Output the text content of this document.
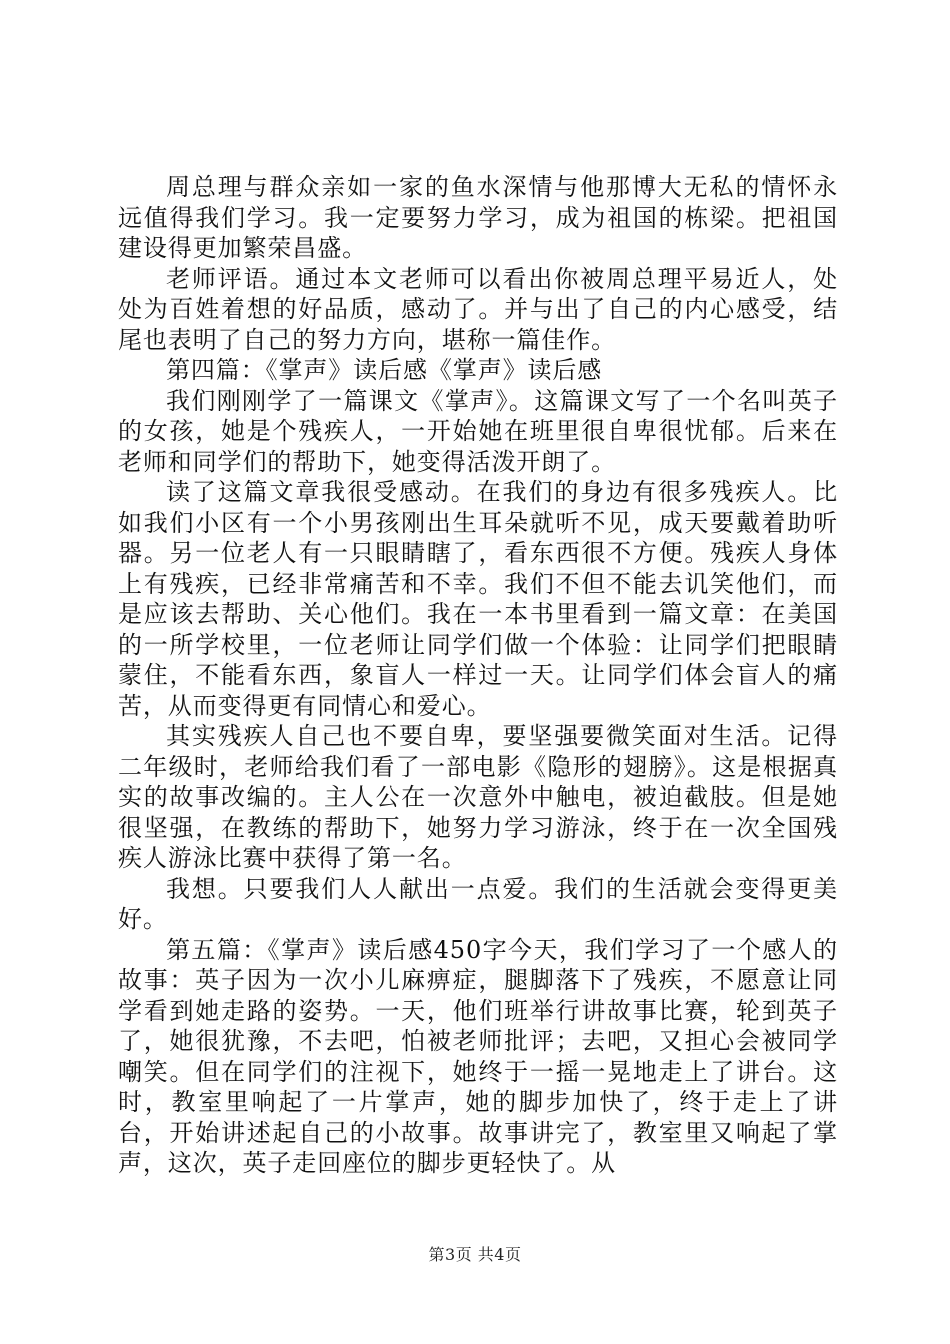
周总理与群众亲如一家的鱼水深情与他那博大无私的情怀永远值得我们学习。我一定要努力学习，成为祖国的栋梁。把祖国建设得更加繁荣昌盛。

老师评语。通过本文老师可以看出你被周总理平易近人，处处为百姓着想的好品质，感动了。并与出了自己的内心感受，结尾也表明了自己的努力方向，堪称一篇佳作。

第四篇：《掌声》读后感《掌声》读后感

我们刚刚学了一篇课文《掌声》。这篇课文写了一个名叫英子的女孩，她是个残疾人，一开始她在班里很自卑很忧郁。后来在老师和同学们的帮助下，她变得活泼开朗了。

读了这篇文章我很受感动。在我们的身边有很多残疾人。比如我们小区有一个小男孩刚出生耳朵就听不见，成天要戴着助听器。另一位老人有一只眼睛瞎了，看东西很不方便。残疾人身体上有残疾，已经非常痛苦和不幸。我们不但不能去讥笑他们，而是应该去帮助、关心他们。我在一本书里看到一篇文章：在美国的一所学校里，一位老师让同学们做一个体验：让同学们把眼睛蒙住，不能看东西，象盲人一样过一天。让同学们体会盲人的痛苦，从而变得更有同情心和爱心。

其实残疾人自己也不要自卑，要坚强要微笑面对生活。记得二年级时，老师给我们看了一部电影《隐形的翅膀》。这是根据真实的故事改编的。主人公在一次意外中触电，被迫截肢。但是她很坚强，在教练的帮助下，她努力学习游泳，终于在一次全国残疾人游泳比赛中获得了第一名。

我想。只要我们人人献出一点爱。我们的生活就会变得更美好。

第五篇：《掌声》读后感450字今天，我们学习了一个感人的故事：英子因为一次小儿麻痹症，腿脚落下了残疾，不愿意让同学看到她走路的姿势。一天，他们班举行讲故事比赛，轮到英子了，她很犹豫，不去吧，怕被老师批评；去吧，又担心会被同学嘲笑。但在同学们的注视下，她终于一摇一晃地走上了讲台。这时，教室里响起了一片掌声，她的脚步加快了，终于走上了讲台，开始讲述起自己的小故事。故事讲完了，教室里又响起了掌声，这次，英子走回座位的脚步更轻快了。从

第3页 共4页
